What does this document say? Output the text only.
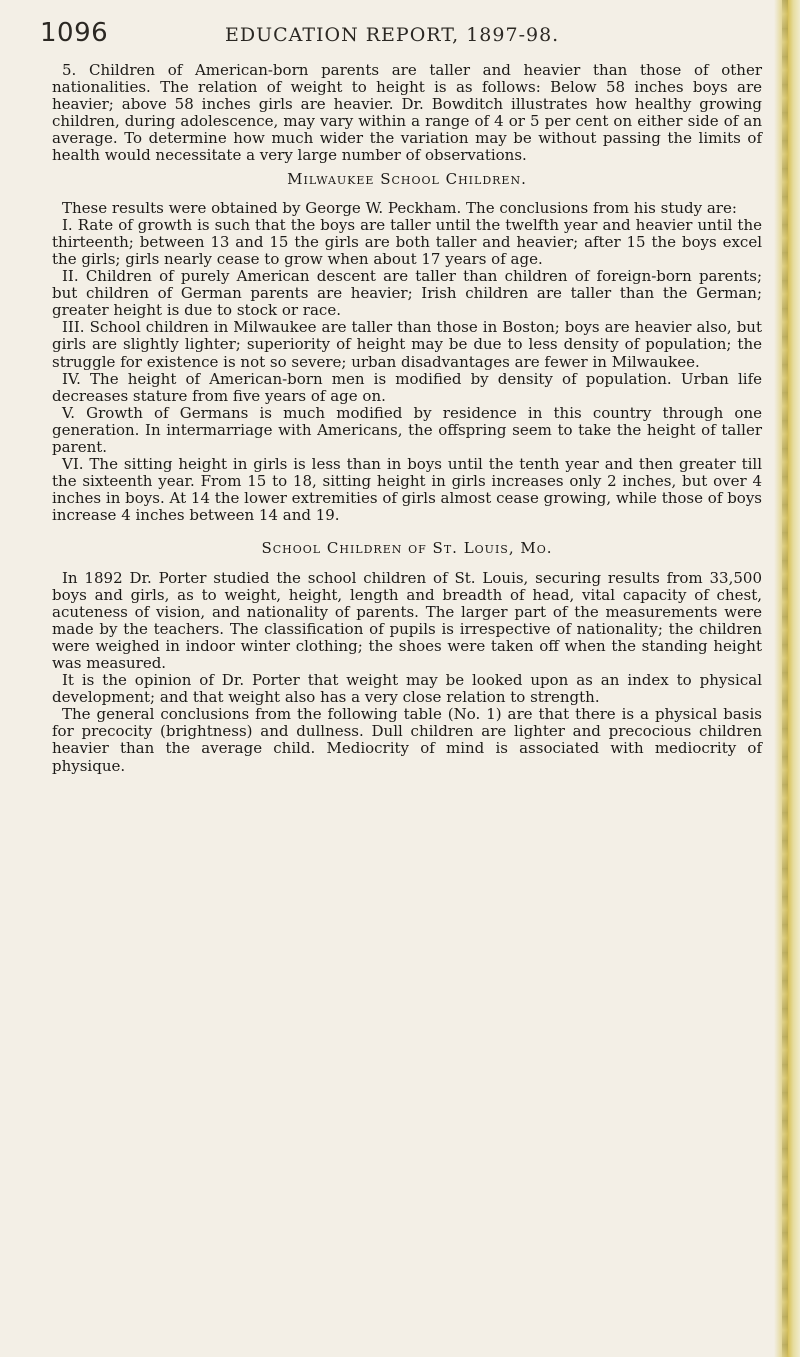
1096	EDUCATION REPORT, 1897-98.

5. Children of American-born parents are taller and heavier than those of other nationalities. The relation of weight to height is as follows: Below 58 inches boys are heavier; above 58 inches girls are heavier. Dr. Bowditch illustrates how healthy growing children, during adolescence, may vary within a range of 4 or 5 per cent on either side of an average. To determine how much wider the variation may be without passing the limits of health would necessitate a very large number of observations.

Milwaukee School Children.

These results were obtained by George W. Peckham. The conclusions from his study are:

I. Rate of growth is such that the boys are taller until the twelfth year and heavier until the thirteenth; between 13 and 15 the girls are both taller and heavier; after 15 the boys excel the girls; girls nearly cease to grow when about 17 years of age.

II. Children of purely American descent are taller than children of foreign-born parents; but children of German parents are heavier; Irish children are taller than the German; greater height is due to stock or race.

III. School children in Milwaukee are taller than those in Boston; boys are heavier also, but girls are slightly lighter; superiority of height may be due to less density of population; the struggle for existence is not so severe; urban disadvantages are fewer in Milwaukee.

IV. The height of American-born men is modified by density of population. Urban life decreases stature from five years of age on.

V. Growth of Germans is much modified by residence in this country through one generation. In intermarriage with Americans, the offspring seem to take the height of taller parent.

VI. The sitting height in girls is less than in boys until the tenth year and then greater till the sixteenth year. From 15 to 18, sitting height in girls increases only 2 inches, but over 4 inches in boys. At 14 the lower extremities of girls almost cease growing, while those of boys increase 4 inches between 14 and 19.

School Children of St. Louis, Mo.

In 1892 Dr. Porter studied the school children of St. Louis, securing results from 33,500 boys and girls, as to weight, height, length and breadth of head, vital capacity of chest, acuteness of vision, and nationality of parents. The larger part of the measurements were made by the teachers. The classification of pupils is irrespective of nationality; the children were weighed in indoor winter clothing; the shoes were taken off when the standing height was measured.

It is the opinion of Dr. Porter that weight may be looked upon as an index to physical development; and that weight also has a very close relation to strength.

The general conclusions from the following table (No. 1) are that there is a physical basis for precocity (brightness) and dullness. Dull children are lighter and precocious children heavier than the average child. Mediocrity of mind is associated with mediocrity of physique.
